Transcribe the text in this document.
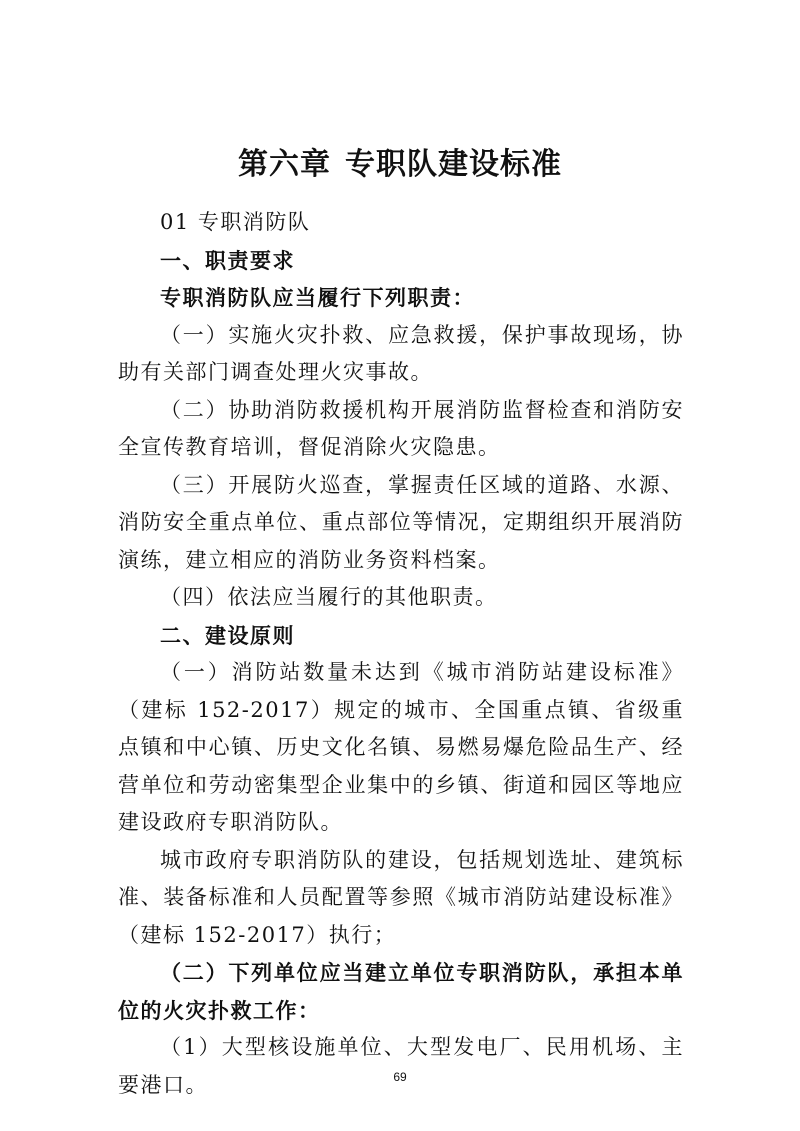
第六章 专职队建设标准

01 专职消防队

一、职责要求

专职消防队应当履行下列职责：

（一）实施火灾扑救、应急救援，保护事故现场，协助有关部门调查处理火灾事故。

（二）协助消防救援机构开展消防监督检查和消防安全宣传教育培训，督促消除火灾隐患。

（三）开展防火巡查，掌握责任区域的道路、水源、消防安全重点单位、重点部位等情况，定期组织开展消防演练，建立相应的消防业务资料档案。

（四）依法应当履行的其他职责。

二、建设原则

（一）消防站数量未达到《城市消防站建设标准》（建标 152-2017）规定的城市、全国重点镇、省级重点镇和中心镇、历史文化名镇、易燃易爆危险品生产、经营单位和劳动密集型企业集中的乡镇、街道和园区等地应建设政府专职消防队。

城市政府专职消防队的建设，包括规划选址、建筑标准、装备标准和人员配置等参照《城市消防站建设标准》（建标 152-2017）执行；

（二）下列单位应当建立单位专职消防队，承担本单位的火灾扑救工作：

（1）大型核设施单位、大型发电厂、民用机场、主要港口。	69
